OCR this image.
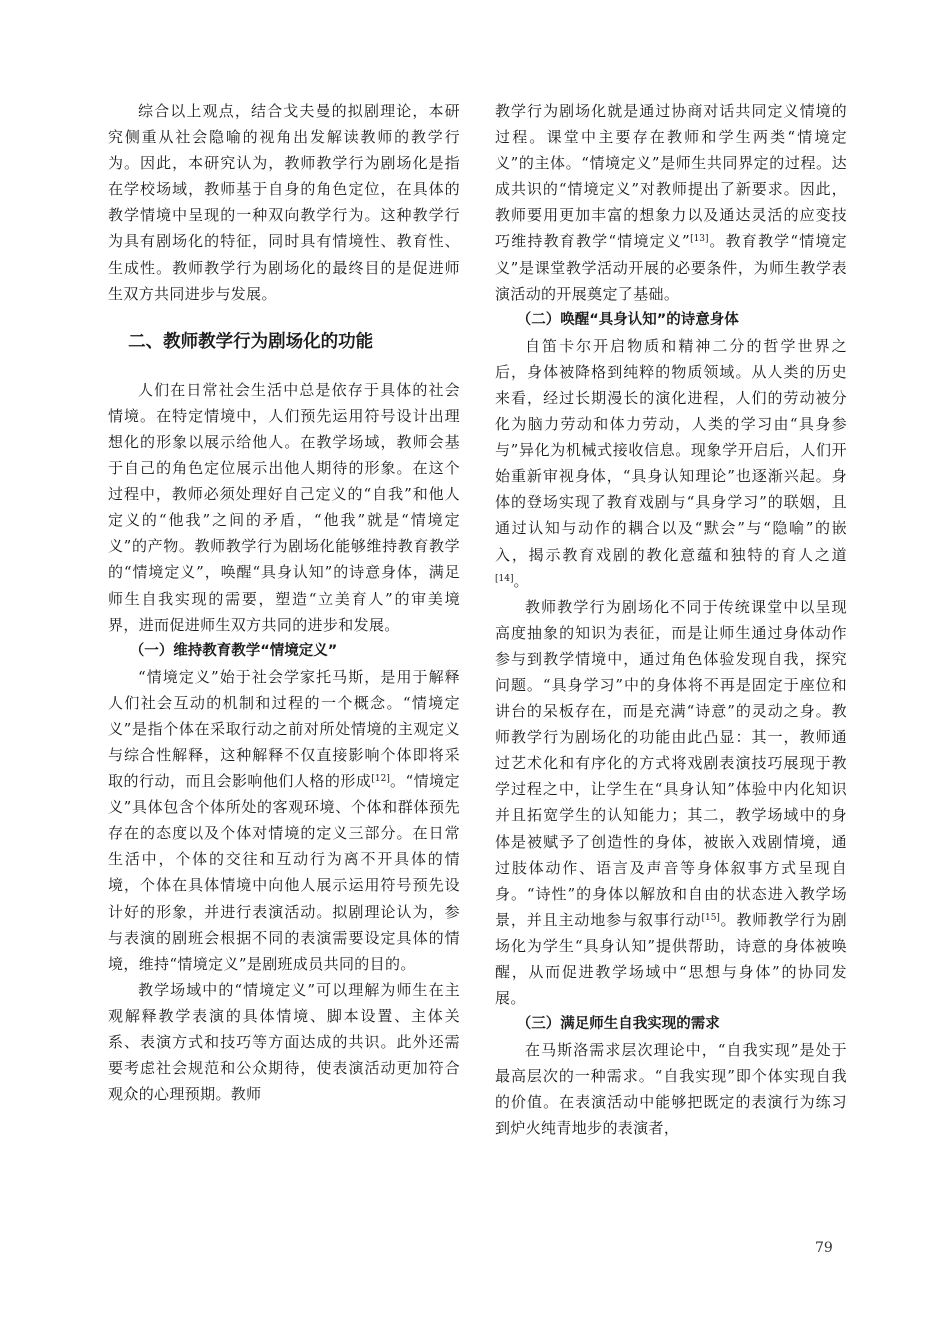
综合以上观点，结合戈夫曼的拟剧理论，本研究侧重从社会隐喻的视角出发解读教师的教学行为。因此，本研究认为，教师教学行为剧场化是指在学校场域，教师基于自身的角色定位，在具体的教学情境中呈现的一种双向教学行为。这种教学行为具有剧场化的特征，同时具有情境性、教育性、生成性。教师教学行为剧场化的最终目的是促进师生双方共同进步与发展。

二、教师教学行为剧场化的功能

人们在日常社会生活中总是依存于具体的社会情境。在特定情境中，人们预先运用符号设计出理想化的形象以展示给他人。在教学场域，教师会基于自己的角色定位展示出他人期待的形象。在这个过程中，教师必须处理好自己定义的“自我”和他人定义的“他我”之间的矛盾，“他我”就是“情境定义”的产物。教师教学行为剧场化能够维持教育教学的“情境定义”，唤醒“具身认知”的诗意身体，满足师生自我实现的需要，塑造“立美育人”的审美境界，进而促进师生双方共同的进步和发展。

（一）维持教育教学“情境定义”

“情境定义”始于社会学家托马斯，是用于解释人们社会互动的机制和过程的一个概念。“情境定义”是指个体在采取行动之前对所处情境的主观定义与综合性解释，这种解释不仅直接影响个体即将采取的行动，而且会影响他们人格的形成[12]。“情境定义”具体包含个体所处的客观环境、个体和群体预先存在的态度以及个体对情境的定义三部分。在日常生活中，个体的交往和互动行为离不开具体的情境，个体在具体情境中向他人展示运用符号预先设计好的形象，并进行表演活动。拟剧理论认为，参与表演的剧班会根据不同的表演需要设定具体的情境，维持“情境定义”是剧班成员共同的目的。

教学场域中的“情境定义”可以理解为师生在主观解释教学表演的具体情境、脚本设置、主体关系、表演方式和技巧等方面达成的共识。此外还需要考虑社会规范和公众期待，使表演活动更加符合观众的心理预期。教师

教学行为剧场化就是通过协商对话共同定义情境的过程。课堂中主要存在教师和学生两类“情境定义”的主体。“情境定义”是师生共同界定的过程。达成共识的“情境定义”对教师提出了新要求。因此，教师要用更加丰富的想象力以及通达灵活的应变技巧维持教育教学“情境定义”[13]。教育教学“情境定义”是课堂教学活动开展的必要条件，为师生教学表演活动的开展奠定了基础。

（二）唤醒“具身认知”的诗意身体

自笛卡尔开启物质和精神二分的哲学世界之后，身体被降格到纯粹的物质领域。从人类的历史来看，经过长期漫长的演化进程，人们的劳动被分化为脑力劳动和体力劳动，人类的学习由“具身参与”异化为机械式接收信息。现象学开启后，人们开始重新审视身体，“具身认知理论”也逐渐兴起。身体的登场实现了教育戏剧与“具身学习”的联姻，且通过认知与动作的耦合以及“默会”与“隐喻”的嵌入，揭示教育戏剧的教化意蕴和独特的育人之道[14]。

教师教学行为剧场化不同于传统课堂中以呈现高度抽象的知识为表征，而是让师生通过身体动作参与到教学情境中，通过角色体验发现自我，探究问题。“具身学习”中的身体将不再是固定于座位和讲台的呆板存在，而是充满“诗意”的灵动之身。教师教学行为剧场化的功能由此凸显：其一，教师通过艺术化和有序化的方式将戏剧表演技巧展现于教学过程之中，让学生在“具身认知”体验中内化知识并且拓宽学生的认知能力；其二，教学场域中的身体是被赋予了创造性的身体，被嵌入戏剧情境，通过肢体动作、语言及声音等身体叙事方式呈现自身。“诗性”的身体以解放和自由的状态进入教学场景，并且主动地参与叙事行动[15]。教师教学行为剧场化为学生“具身认知”提供帮助，诗意的身体被唤醒，从而促进教学场域中“思想与身体”的协同发展。

（三）满足师生自我实现的需求

在马斯洛需求层次理论中，“自我实现”是处于最高层次的一种需求。“自我实现”即个体实现自我的价值。在表演活动中能够把既定的表演行为练习到炉火纯青地步的表演者，

79
